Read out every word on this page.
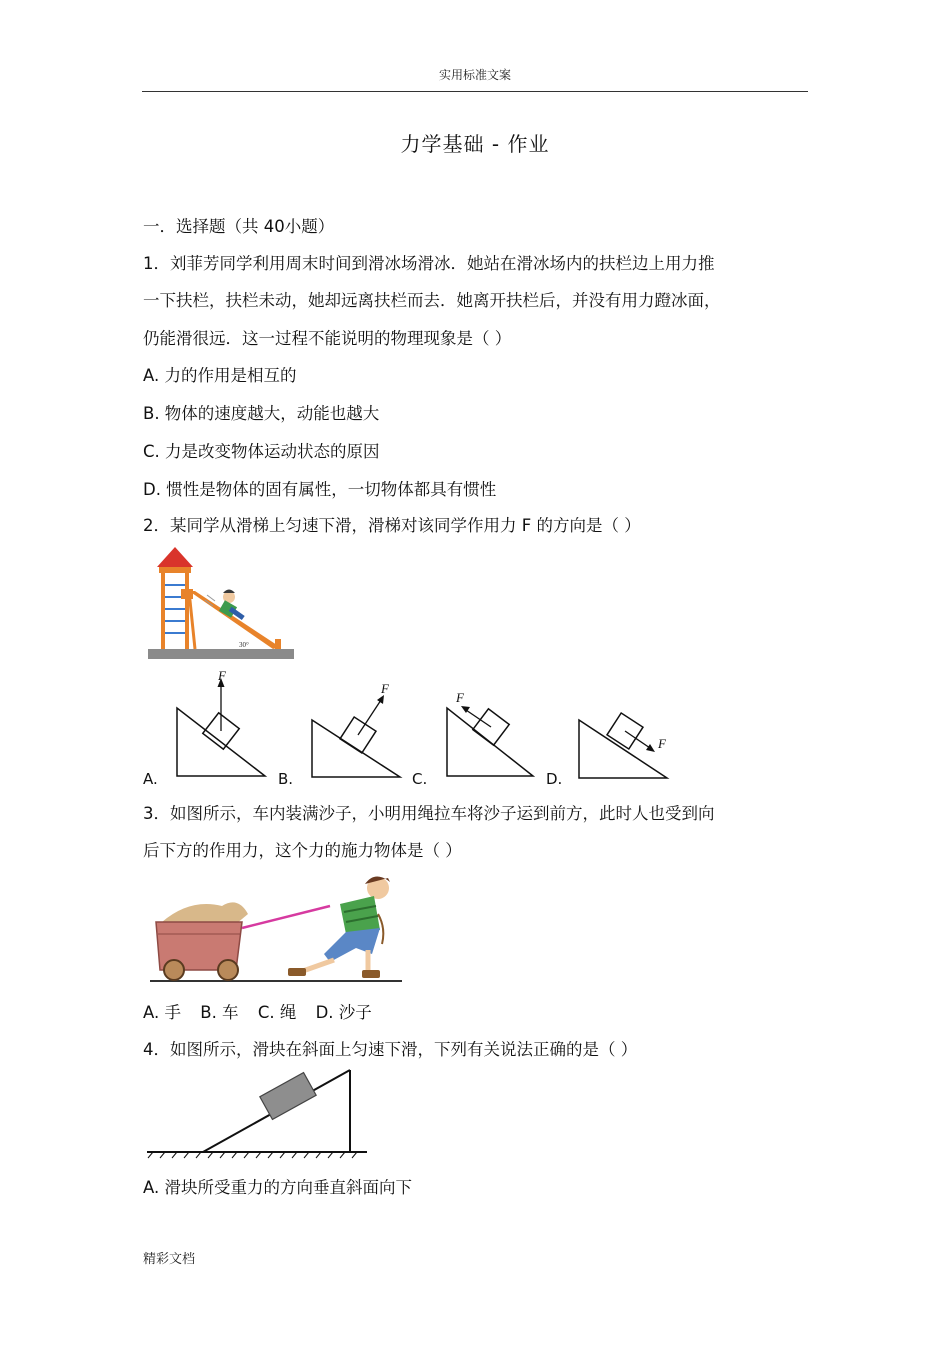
实用标准文案
力学基础 - 作业
一．选择题（共 40小题）
1．刘菲芳同学利用周末时间到滑冰场滑冰．她站在滑冰场内的扶栏边上用力推
一下扶栏，扶栏未动，她却远离扶栏而去．她离开扶栏后，并没有用力蹬冰面，
仍能滑很远．这一过程不能说明的物理现象是（ ）
A. 力的作用是相互的
B. 物体的速度越大，动能也越大
C. 力是改变物体运动状态的原因
D. 惯性是物体的固有属性，一切物体都具有惯性
2．某同学从滑梯上匀速下滑，滑梯对该同学作用力 F 的方向是（ ）
30°
F
A.
F
B.
F
C.
F
D.
3．如图所示，车内装满沙子，小明用绳拉车将沙子运到前方，此时人也受到向
后下方的作用力，这个力的施力物体是（ ）
A. 手 B. 车 C. 绳 D. 沙子
4．如图所示，滑块在斜面上匀速下滑，下列有关说法正确的是（ ）
A. 滑块所受重力的方向垂直斜面向下
精彩文档
